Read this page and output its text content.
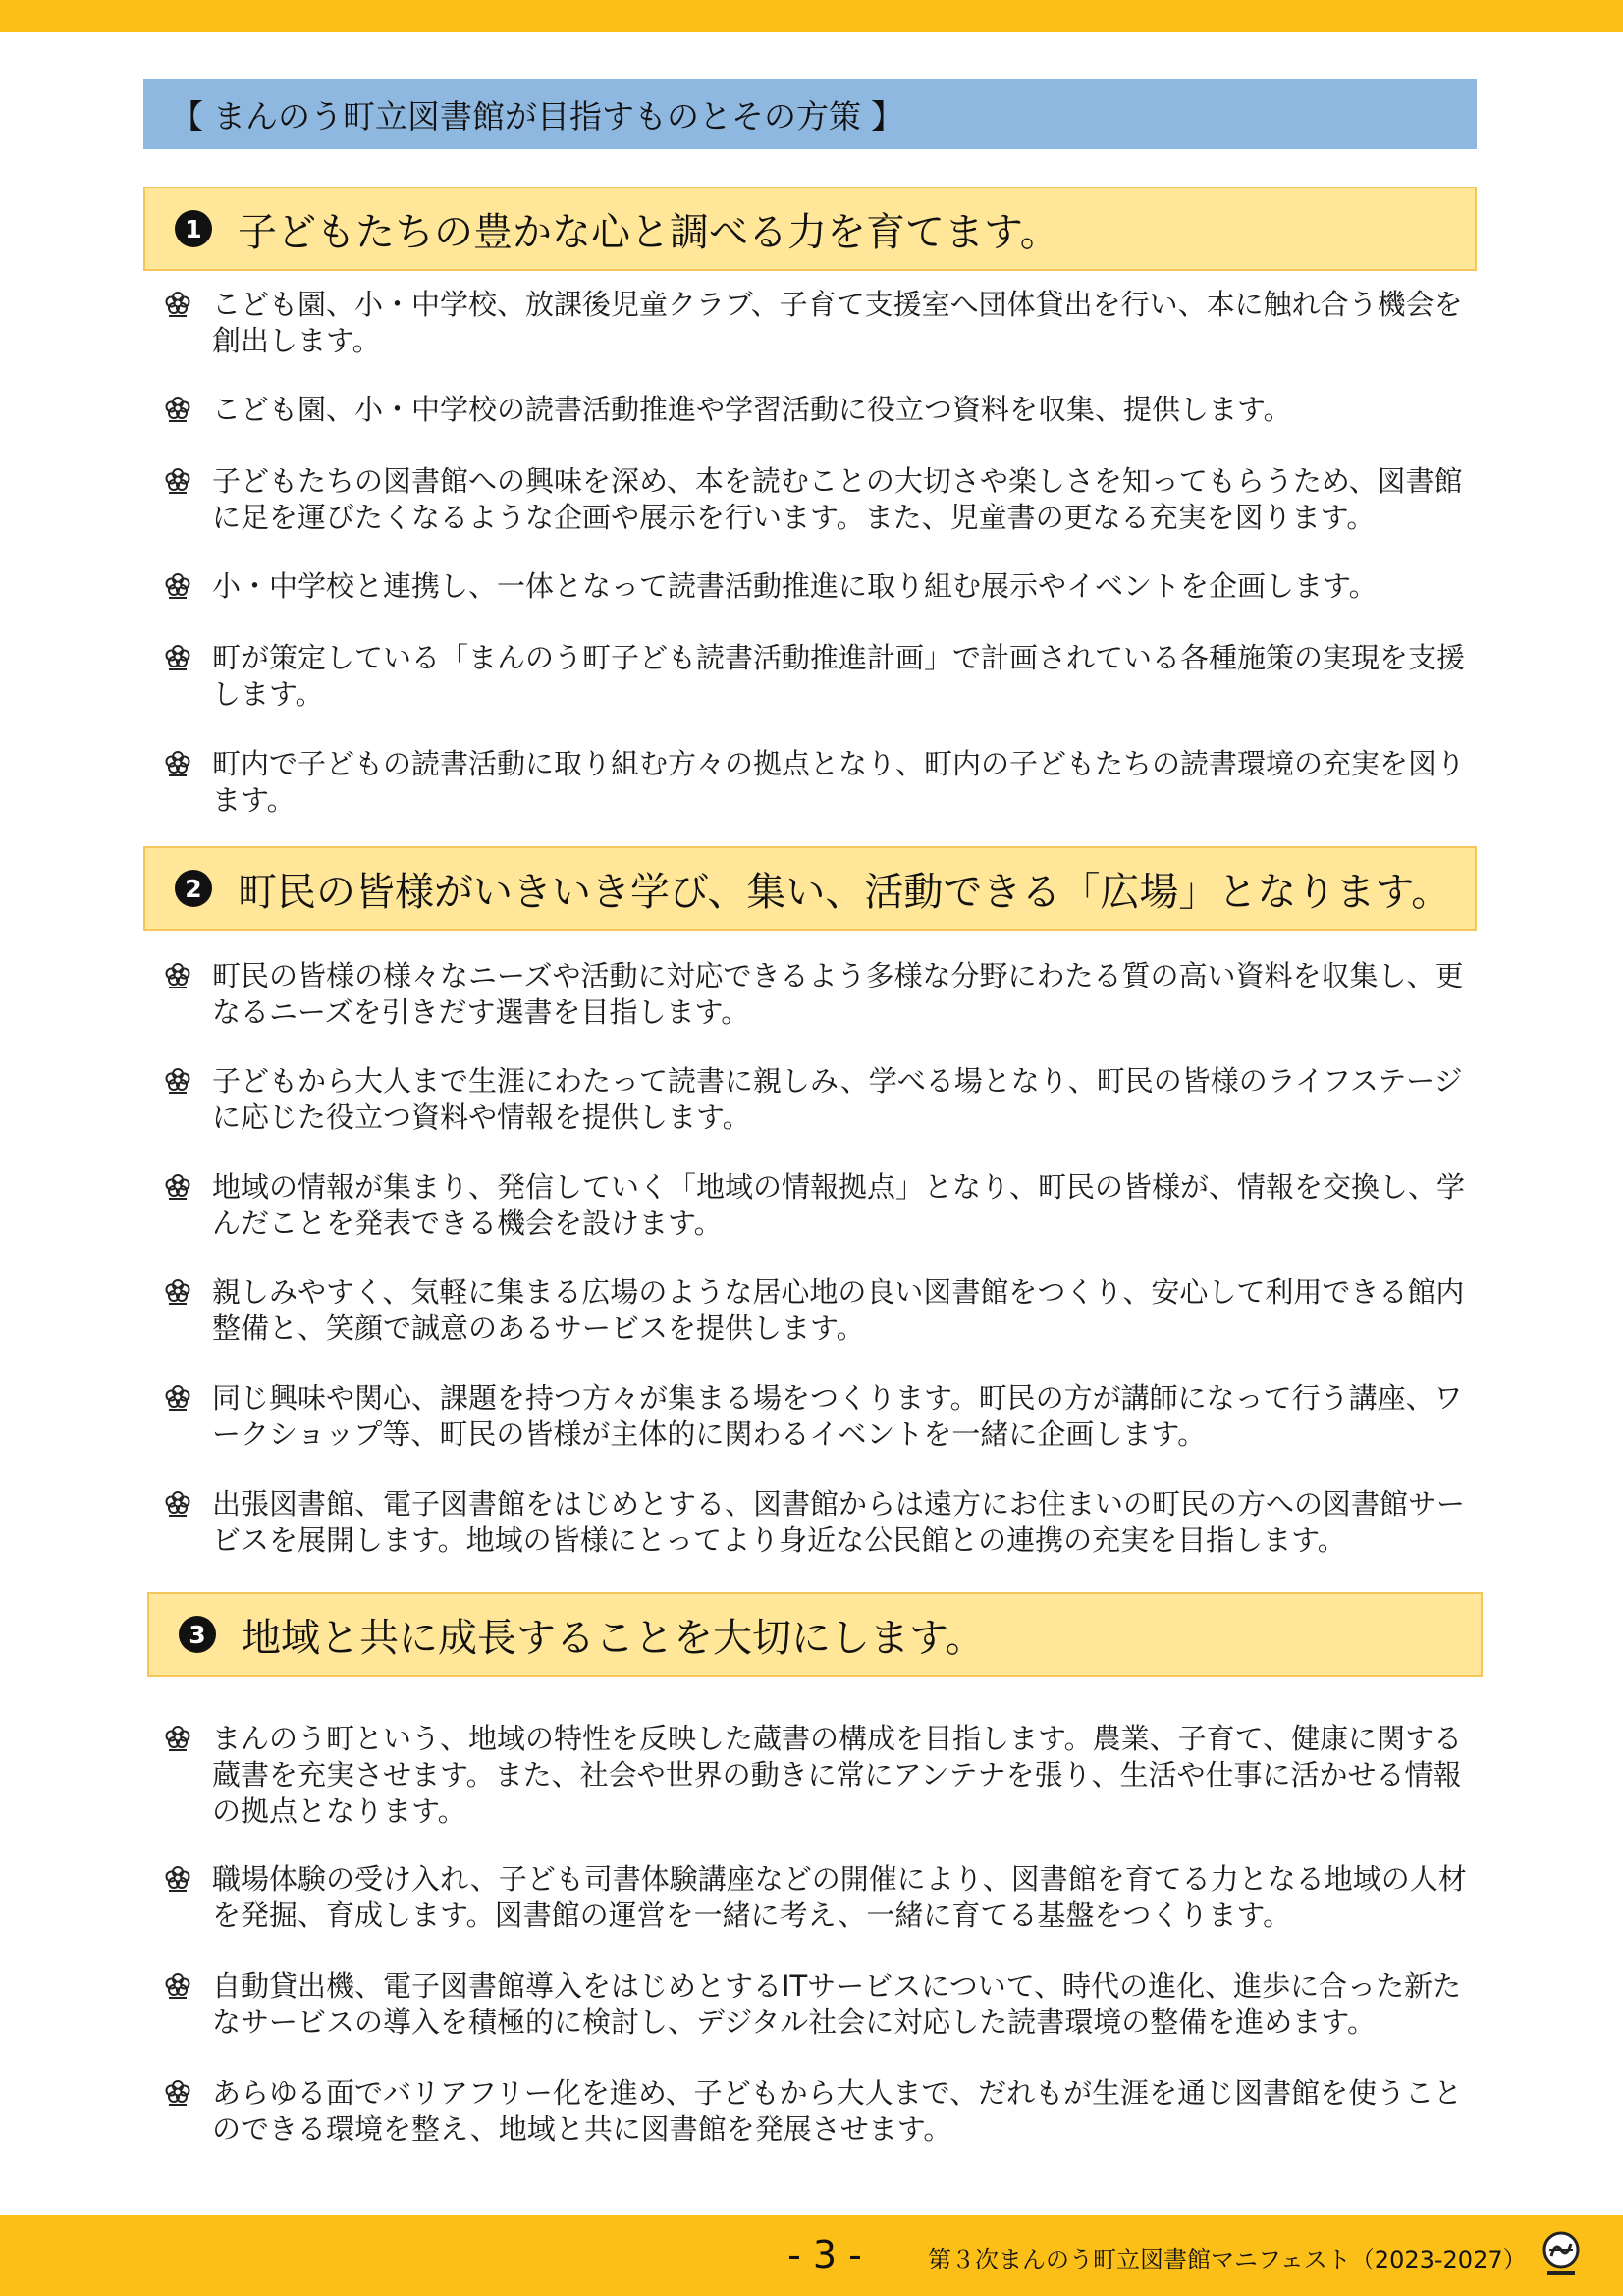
【 まんのう町立図書館が目指すものとその方策 】
1 子どもたちの豊かな心と調べる力を育てます。
こども園、小・中学校、放課後児童クラブ、子育て支援室へ団体貸出を行い、本に触れ合う機会を創出します。
こども園、小・中学校の読書活動推進や学習活動に役立つ資料を収集、提供します。
子どもたちの図書館への興味を深め、本を読むことの大切さや楽しさを知ってもらうため、図書館に足を運びたくなるような企画や展示を行います。また、児童書の更なる充実を図ります。
小・中学校と連携し、一体となって読書活動推進に取り組む展示やイベントを企画します。
町が策定している「まんのう町子ども読書活動推進計画」で計画されている各種施策の実現を支援します。
町内で子どもの読書活動に取り組む方々の拠点となり、町内の子どもたちの読書環境の充実を図ります。
2 町民の皆様がいきいき学び、集い、活動できる「広場」となります。
町民の皆様の様々なニーズや活動に対応できるよう多様な分野にわたる質の高い資料を収集し、更なるニーズを引きだす選書を目指します。
子どもから大人まで生涯にわたって読書に親しみ、学べる場となり、町民の皆様のライフステージに応じた役立つ資料や情報を提供します。
地域の情報が集まり、発信していく「地域の情報拠点」となり、町民の皆様が、情報を交換し、学んだことを発表できる機会を設けます。
親しみやすく、気軽に集まる広場のような居心地の良い図書館をつくり、安心して利用できる館内整備と、笑顔で誠意のあるサービスを提供します。
同じ興味や関心、課題を持つ方々が集まる場をつくります。町民の方が講師になって行う講座、ワークショップ等、町民の皆様が主体的に関わるイベントを一緒に企画します。
出張図書館、電子図書館をはじめとする、図書館からは遠方にお住まいの町民の方への図書館サービスを展開します。地域の皆様にとってより身近な公民館との連携の充実を目指します。
3 地域と共に成長することを大切にします。
まんのう町という、地域の特性を反映した蔵書の構成を目指します。農業、子育て、健康に関する蔵書を充実させます。また、社会や世界の動きに常にアンテナを張り、生活や仕事に活かせる情報の拠点となります。
職場体験の受け入れ、子ども司書体験講座などの開催により、図書館を育てる力となる地域の人材を発掘、育成します。図書館の運営を一緒に考え、一緒に育てる基盤をつくります。
自動貸出機、電子図書館導入をはじめとするITサービスについて、時代の進化、進歩に合った新たなサービスの導入を積極的に検討し、デジタル社会に対応した読書環境の整備を進めます。
あらゆる面でバリアフリー化を進め、子どもから大人まで、だれもが生涯を通じ図書館を使うことのできる環境を整え、地域と共に図書館を発展させます。
- 3 -	第３次まんのう町立図書館マニフェスト（2023-2027）
